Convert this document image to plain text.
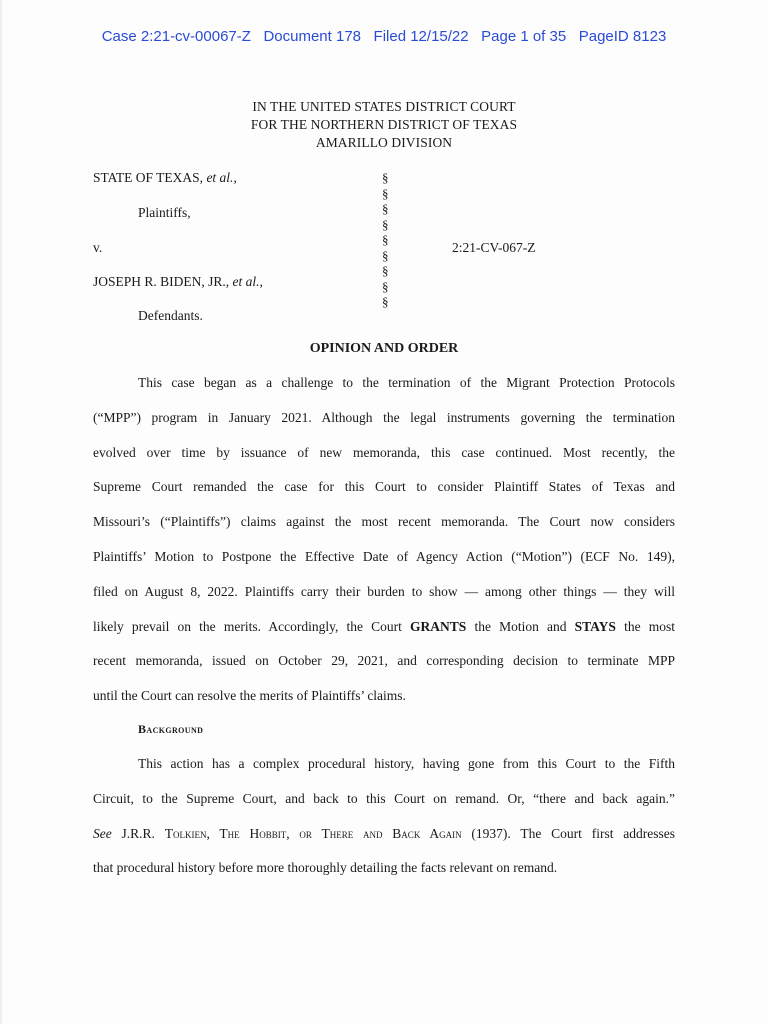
Case 2:21-cv-00067-Z Document 178 Filed 12/15/22 Page 1 of 35 PageID 8123
IN THE UNITED STATES DISTRICT COURT
FOR THE NORTHERN DISTRICT OF TEXAS
AMARILLO DIVISION
STATE OF TEXAS, et al.,
Plaintiffs,
v.	2:21-CV-067-Z
JOSEPH R. BIDEN, JR., et al.,
Defendants.
§
§
§
§
§
§
§
§
§
OPINION AND ORDER
This case began as a challenge to the termination of the Migrant Protection Protocols
(“MPP”) program in January 2021. Although the legal instruments governing the termination
evolved over time by issuance of new memoranda, this case continued. Most recently, the
Supreme Court remanded the case for this Court to consider Plaintiff States of Texas and
Missouri’s (“Plaintiffs”) claims against the most recent memoranda. The Court now considers
Plaintiffs’ Motion to Postpone the Effective Date of Agency Action (“Motion”) (ECF No. 149),
filed on August 8, 2022. Plaintiffs carry their burden to show — among other things — they will
likely prevail on the merits. Accordingly, the Court GRANTS the Motion and STAYS the most
recent memoranda, issued on October 29, 2021, and corresponding decision to terminate MPP
until the Court can resolve the merits of Plaintiffs’ claims.
Background
This action has a complex procedural history, having gone from this Court to the Fifth
Circuit, to the Supreme Court, and back to this Court on remand. Or, “there and back again.”
See J.R.R. Tolkien, The Hobbit, or There and Back Again (1937). The Court first addresses
that procedural history before more thoroughly detailing the facts relevant on remand.
